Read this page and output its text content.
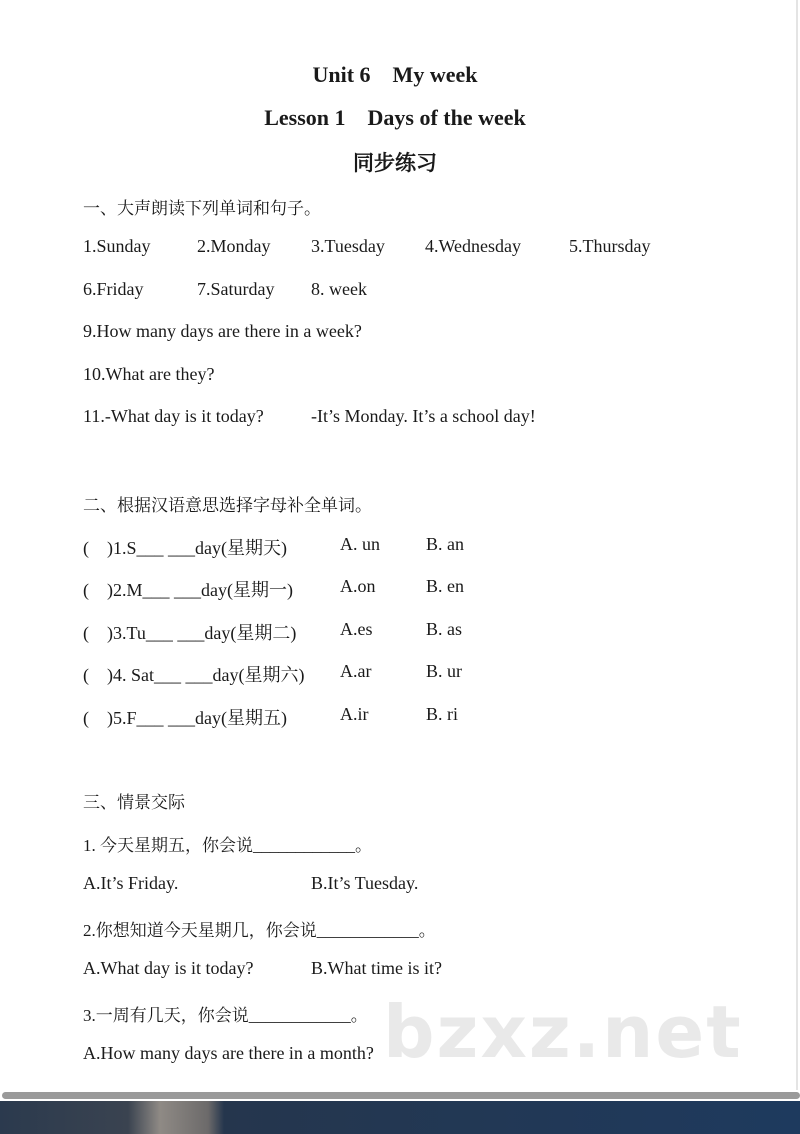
Unit 6    My week
Lesson 1    Days of the week
同步练习
一、大声朗读下列单词和句子。
1.Sunday	2.Monday 3.Tuesday 4.Wednesday	5.Thursday
6.Friday	7.Saturday 8. week
9.How many days are there in a week?
10.What are they?
11.-What day is it today?	-It’s Monday. It’s a school day!
二、根据汉语意思选择字母补全单词。
(    )1.S___ ___day(星期天)	A. un	B. an
(    )2.M___ ___day(星期一)	A.on	B. en
(    )3.Tu___ ___day(星期二) A.es	B. as
(    )4. Sat___ ___day(星期六) A.ar	B. ur
(    )5.F___ ___day(星期五)	A.ir	B. ri
三、情景交际
1. 今天星期五，你会说____________。
A.It’s Friday.	B.It’s Tuesday.
2.你想知道今天星期几，你会说____________。
A.What day is it today?	B.What time is it?
3.一周有几天，你会说____________。
A.How many days are there in a month? bzxz.net
